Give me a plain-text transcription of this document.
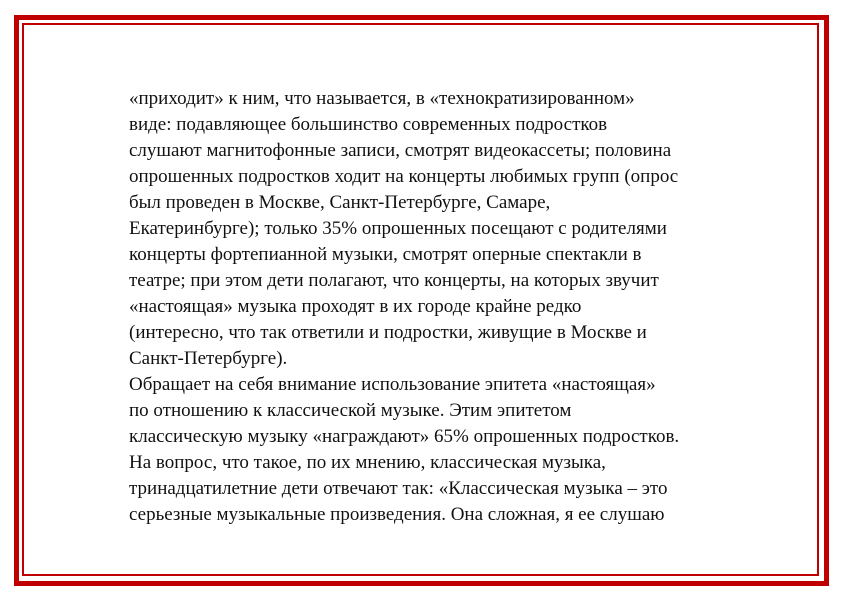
«приходит» к ним, что называется, в «технократизированном»
виде: подавляющее большинство современных подростков
слушают магнитофонные записи, смотрят видеокассеты; половина
опрошенных подростков ходит на концерты любимых групп (опрос
был проведен в Москве, Санкт-Петербурге, Самаре,
Екатеринбурге); только 35% опрошенных посещают с родителями
концерты фортепианной музыки, смотрят оперные спектакли в
театре; при этом дети полагают, что концерты, на которых звучит
«настоящая» музыка проходят в их городе крайне редко
(интересно, что так ответили и подростки, живущие в Москве и
Санкт-Петербурге).
Обращает на себя внимание использование эпитета «настоящая»
по отношению к классической музыке. Этим эпитетом
классическую музыку «награждают» 65% опрошенных подростков.
На вопрос, что такое, по их мнению, классическая музыка,
тринадцатилетние дети отвечают так: «Классическая музыка – это
серьезные музыкальные произведения. Она сложная, я ее слушаю
